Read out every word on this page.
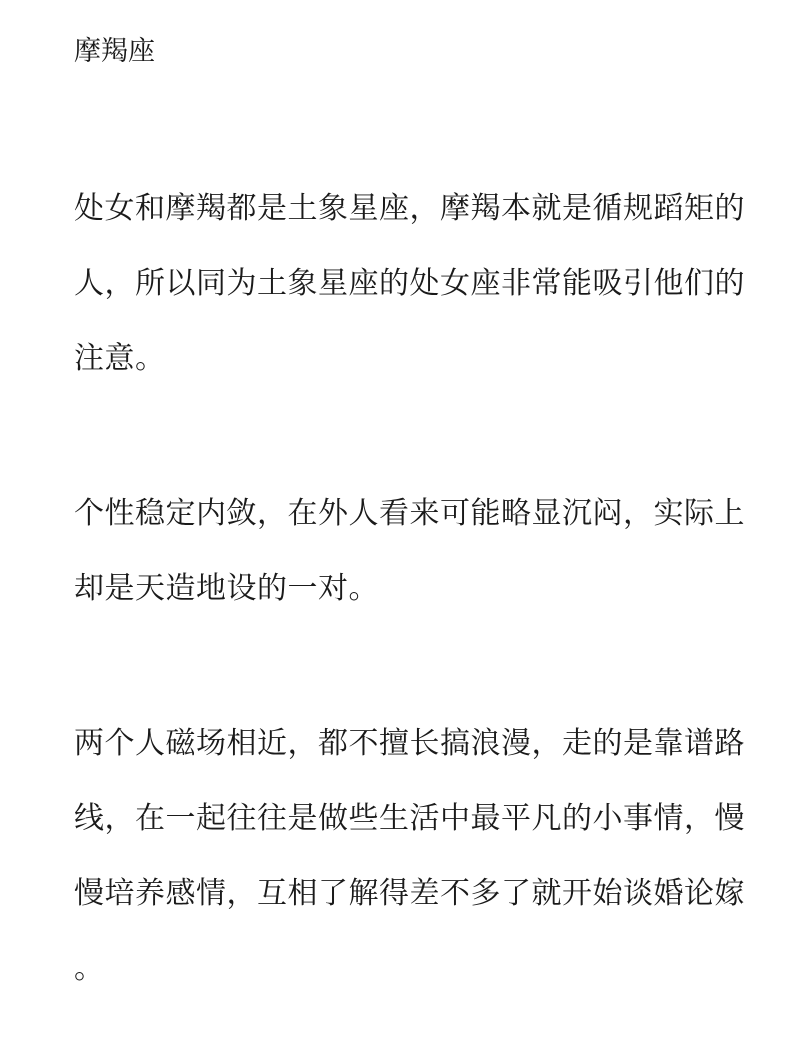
摩羯座
处女和摩羯都是土象星座，摩羯本就是循规蹈矩的
人，所以同为土象星座的处女座非常能吸引他们的
注意。
个性稳定内敛，在外人看来可能略显沉闷，实际上
却是天造地设的一对。
两个人磁场相近，都不擅长搞浪漫，走的是靠谱路
线，在一起往往是做些生活中最平凡的小事情，慢
慢培养感情，互相了解得差不多了就开始谈婚论嫁
。
